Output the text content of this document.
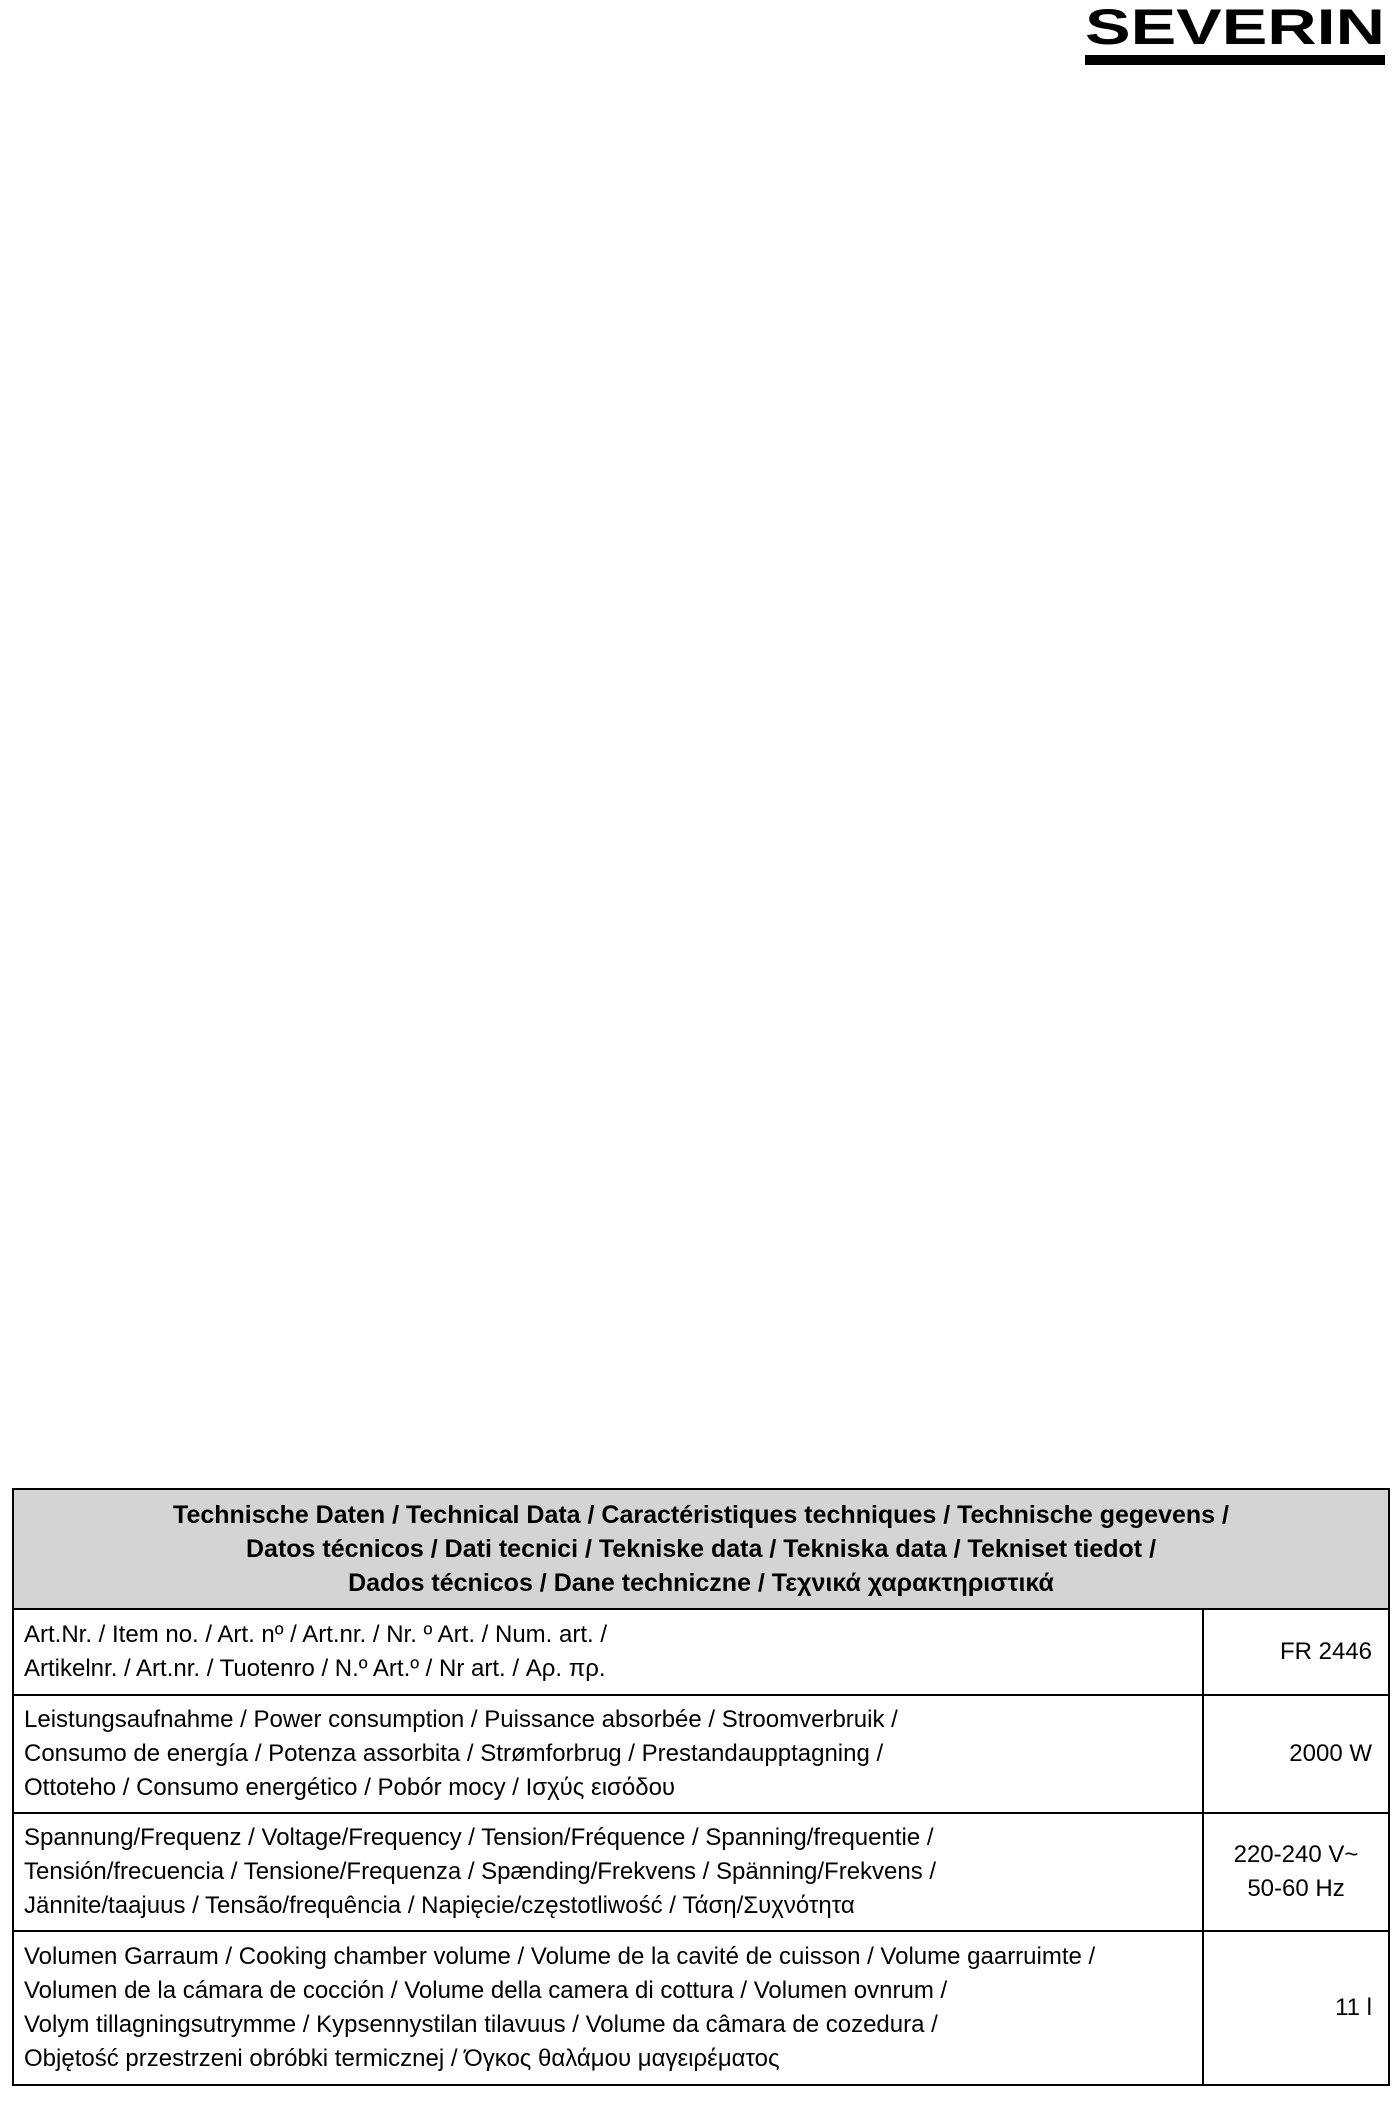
SEVERIN
Technische Daten / Technical Data / Caractéristiques techniques / Technische gegevens /
Datos técnicos / Dati tecnici / Tekniske data / Tekniska data / Tekniset tiedot /
Dados técnicos / Dane techniczne / Τεχνικά χαρακτηριστικά	

Art.Nr. / Item no. / Art. nº / Art.nr. / Nr. º Art. / Num. art. /
Artikelnr. / Art.nr. / Tuotenro / N.º Art.º / Nr art. / Αρ. πρ.	FR 2446

Leistungsaufnahme / Power consumption / Puissance absorbée / Stroomverbruik /
Consumo de energía / Potenza assorbita / Strømforbrug / Prestandaupptagning /
Ottoteho / Consumo energético / Pobór mocy / Ισχύς εισόδου	2000 W

Spannung/Frequenz / Voltage/Frequency / Tension/Fréquence / Spanning/frequentie /
Tensión/frecuencia / Tensione/Frequenza / Spænding/Frekvens / Spänning/Frekvens /
Jännite/taajuus / Tensão/frequência / Napięcie/częstotliwość / Τάση/Συχνότητα	220-240 V~
50-60 Hz

Volumen Garraum / Cooking chamber volume / Volume de la cavité de cuisson / Volume gaarruimte /
Volumen de la cámara de cocción / Volume della camera di cottura / Volumen ovnrum /
Volym tillagningsutrymme / Kypsennystilan tilavuus / Volume da câmara de cozedura /
Objętość przestrzeni obróbki termicznej / Όγκος θαλάμου μαγειρέματος	11 l
